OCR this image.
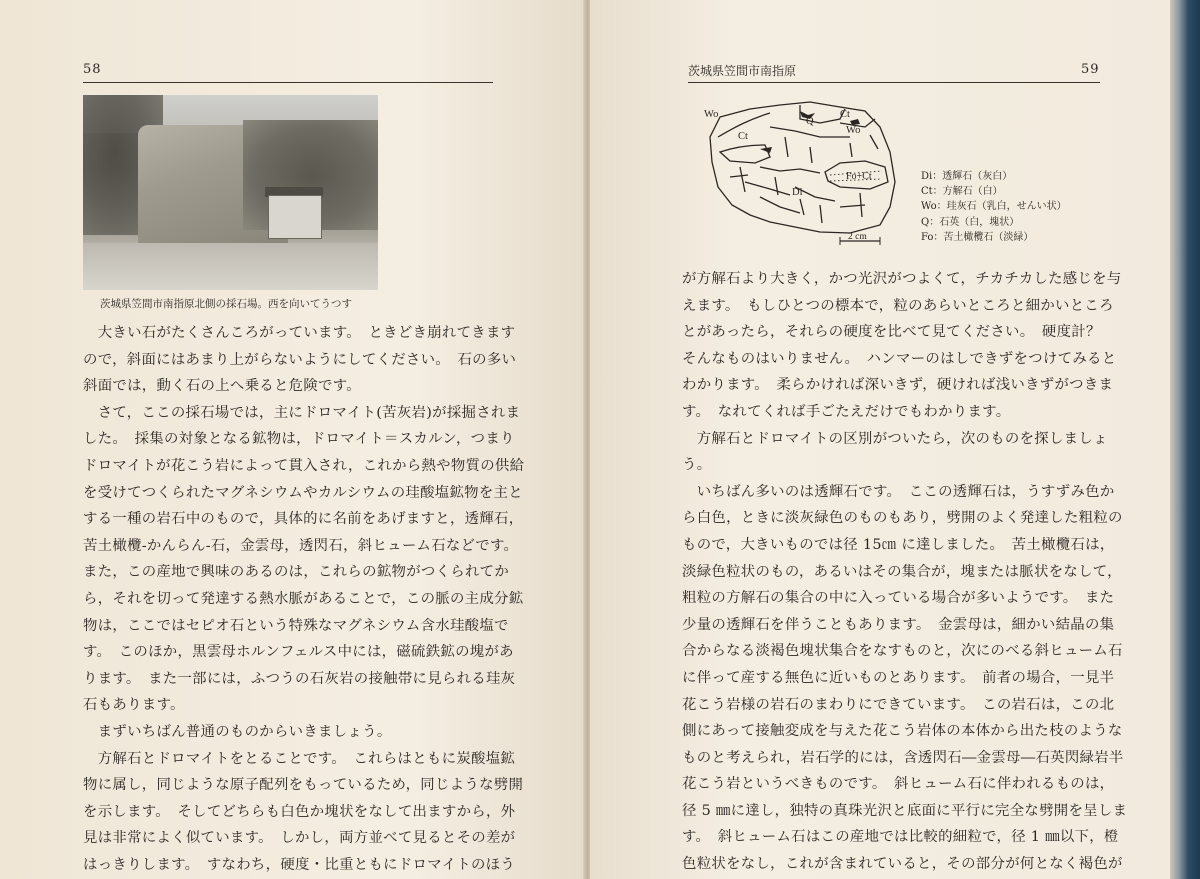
58
茨城県笠間市南指原北側の採石場。西を向いてうつす

　大きい石がたくさんころがっています。　ときどき崩れてきます

ので，斜面にはあまり上がらないようにしてください。　石の多い

斜面では，動く石の上へ乗ると危険です。

　さて，ここの採石場では，主にドロマイト(苦灰岩)が採掘されま

した。　採集の対象となる鉱物は，ドロマイト＝スカルン，つまり

ドロマイトが花こう岩によって貫入され，これから熱や物質の供給

を受けてつくられたマグネシウムやカルシウムの珪酸塩鉱物を主と

する一種の岩石中のもので，具体的に名前をあげますと，透輝石，

苦土橄欖-かんらん-石，金雲母，透閃石，斜ヒューム石などです。

また，この産地で興味のあるのは，これらの鉱物がつくられてか

ら，それを切って発達する熱水脈があることで，この脈の主成分鉱

物は，ここではセピオ石という特殊なマグネシウム含水珪酸塩で

す。　このほか，黒雲母ホルンフェルス中には，磁硫鉄鉱の塊があ

ります。　また一部には，ふつうの石灰岩の接触帯に見られる珪灰

石もあります。

　まずいちばん普通のものからいきましょう。

　方解石とドロマイトをとることです。　これらはともに炭酸塩鉱

物に属し，同じような原子配列をもっているため，同じような劈開

を示します。　そしてどちらも白色か塊状をなして出ますから，外

見は非常によく似ています。　しかし，両方並べて見るとその差が

はっきりします。　すなわち，硬度・比重ともにドロマイトのほう

茨城県笠間市南指原	59
Wo
Ct
Q
Ct
Wo
Di
Fo+Ct
2 cm
Di：透輝石（灰白）
Ct：方解石（白）
Wo：珪灰石（乳白，せんい状）
Q：石英（白，塊状）
Fo：苦土橄欖石（淡緑）

が方解石より大きく，かつ光沢がつよくて，チカチカした感じを与

えます。　もしひとつの標本で，粒のあらいところと細かいところ

とがあったら，それらの硬度を比べて見てください。　硬度計？

そんなものはいりません。　ハンマーのはしできずをつけてみると

わかります。　柔らかければ深いきず，硬ければ浅いきずがつきま

す。　なれてくれば手ごたえだけでもわかります。

　方解石とドロマイトの区別がついたら，次のものを探しましょ

う。

　いちばん多いのは透輝石です。　ここの透輝石は，うすずみ色か

ら白色，ときに淡灰緑色のものもあり，劈開のよく発達した粗粒の

もので，大きいものでは径 15㎝ に達しました。　苦土橄欖石は，

淡緑色粒状のもの，あるいはその集合が，塊または脈状をなして，

粗粒の方解石の集合の中に入っている場合が多いようです。　また

少量の透輝石を伴うこともあります。　金雲母は，細かい結晶の集

合からなる淡褐色塊状集合をなすものと，次にのべる斜ヒューム石

に伴って産する無色に近いものとあります。　前者の場合，一見半

花こう岩様の岩石のまわりにできています。　この岩石は，この北

側にあって接触変成を与えた花こう岩体の本体から出た枝のような

ものと考えられ，岩石学的には，含透閃石―金雲母―石英閃緑岩半

花こう岩というべきものです。　斜ヒューム石に伴われるものは，

径 5 ㎜に達し，独特の真珠光沢と底面に平行に完全な劈開を呈しま

す。　斜ヒューム石はこの産地では比較的細粒で，径 1 ㎜以下，橙

色粒状をなし，これが含まれていると，その部分が何となく褐色が
